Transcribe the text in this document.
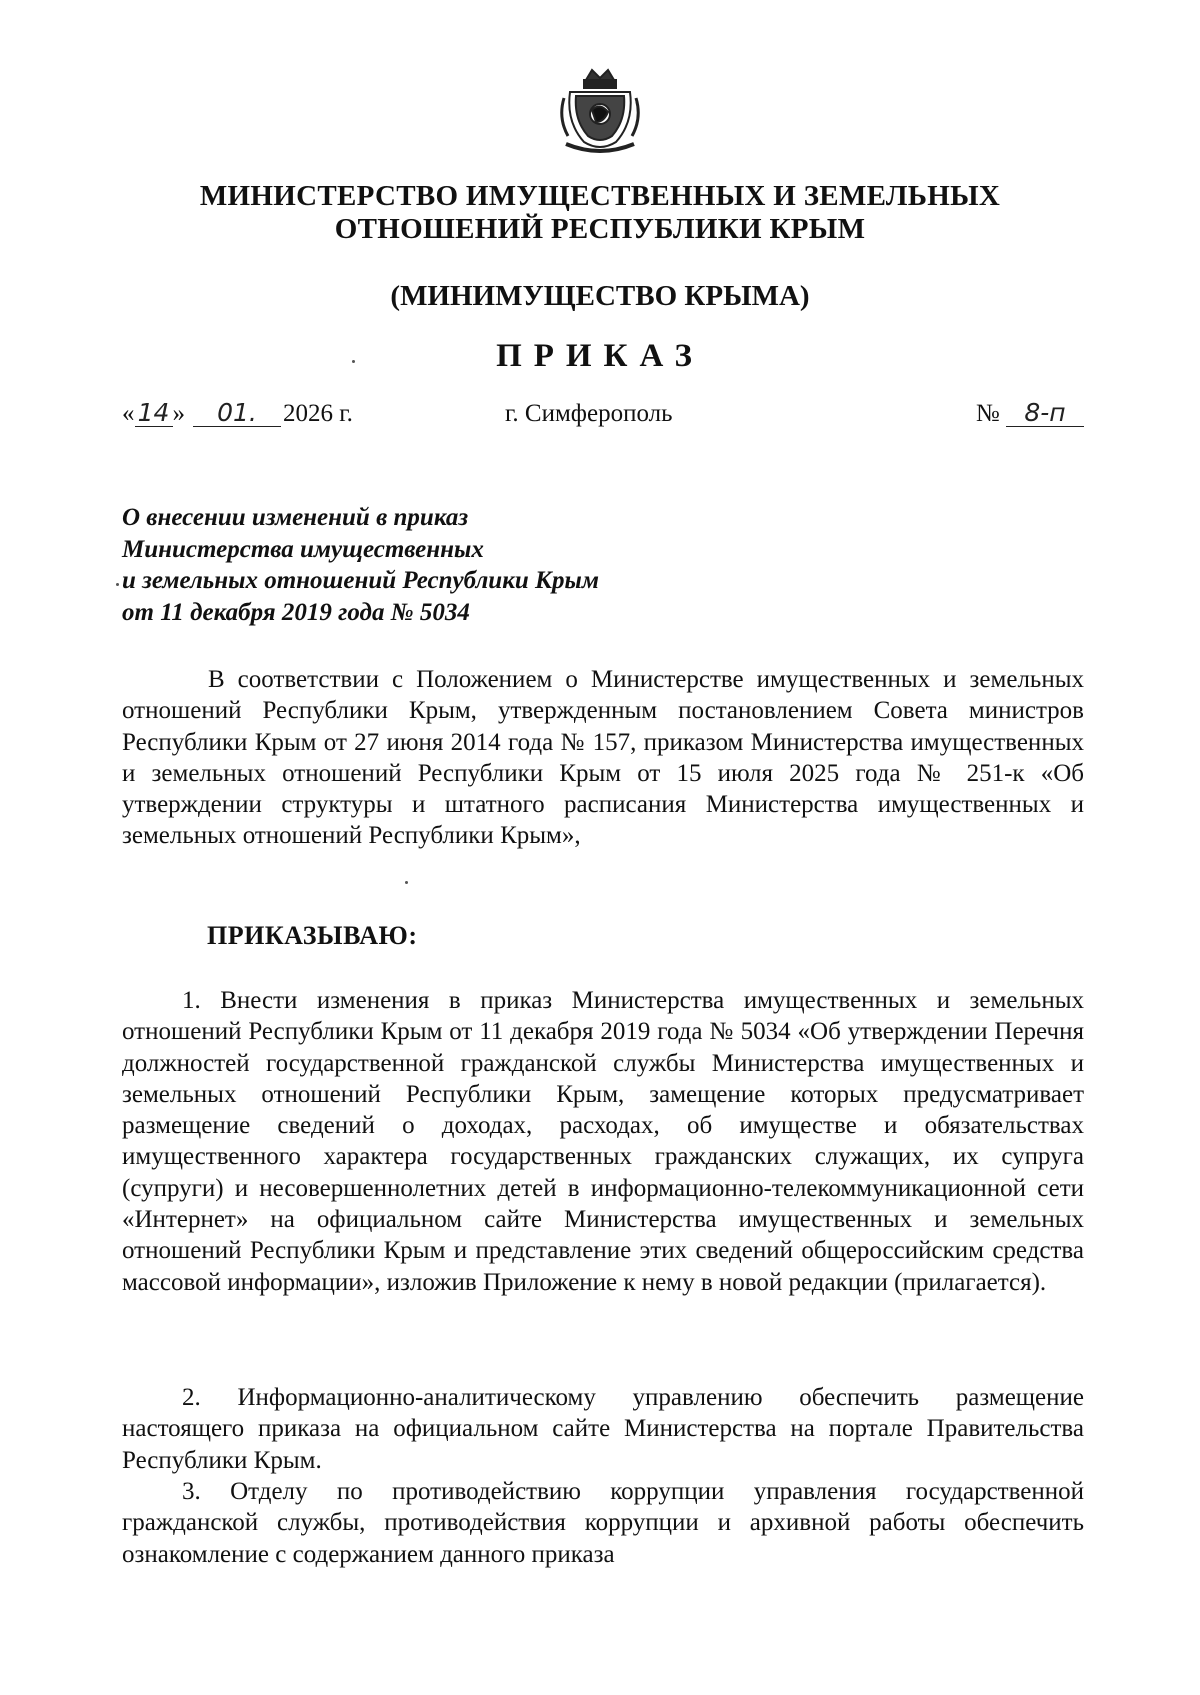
МИНИСТЕРСТВО ИМУЩЕСТВЕННЫХ И ЗЕМЕЛЬНЫХ

ОТНОШЕНИЙ РЕСПУБЛИКИ КРЫМ

(МИНИМУЩЕСТВО КРЫМА)

ПРИКАЗ

« 14 » 01. 2026 г.	г. Симферополь	№ 8-п

О внесении изменений в приказ
Министерства имущественных
и земельных отношений Республики Крым
от 11 декабря 2019 года № 5034

В соответствии с Положением о Министерстве имущественных и земельных отношений Республики Крым, утвержденным постановлением Совета министров Республики Крым от 27 июня 2014 года № 157, приказом Министерства имущественных и земельных отношений Республики Крым от 15 июля 2025 года № 251-к «Об утверждении структуры и штатного расписания Министерства имущественных и земельных отношений Республики Крым»,

ПРИКАЗЫВАЮ:

1. Внести изменения в приказ Министерства имущественных и земельных отношений Республики Крым от 11 декабря 2019 года № 5034 «Об утверждении Перечня должностей государственной гражданской службы Министерства имущественных и земельных отношений Республики Крым, замещение которых предусматривает размещение сведений о доходах, расходах, об имуществе и обязательствах имущественного характера государственных гражданских служащих, их супруга (супруги) и несовершеннолетних детей в информационно-телекоммуникационной сети «Интернет» на официальном сайте Министерства имущественных и земельных отношений Республики Крым и представление этих сведений общероссийским средства массовой информации», изложив Приложение к нему в новой редакции (прилагается).

2. Информационно-аналитическому управлению обеспечить размещение настоящего приказа на официальном сайте Министерства на портале Правительства Республики Крым.

3. Отделу по противодействию коррупции управления государственной гражданской службы, противодействия коррупции и архивной работы обеспечить ознакомление с содержанием данного приказа
